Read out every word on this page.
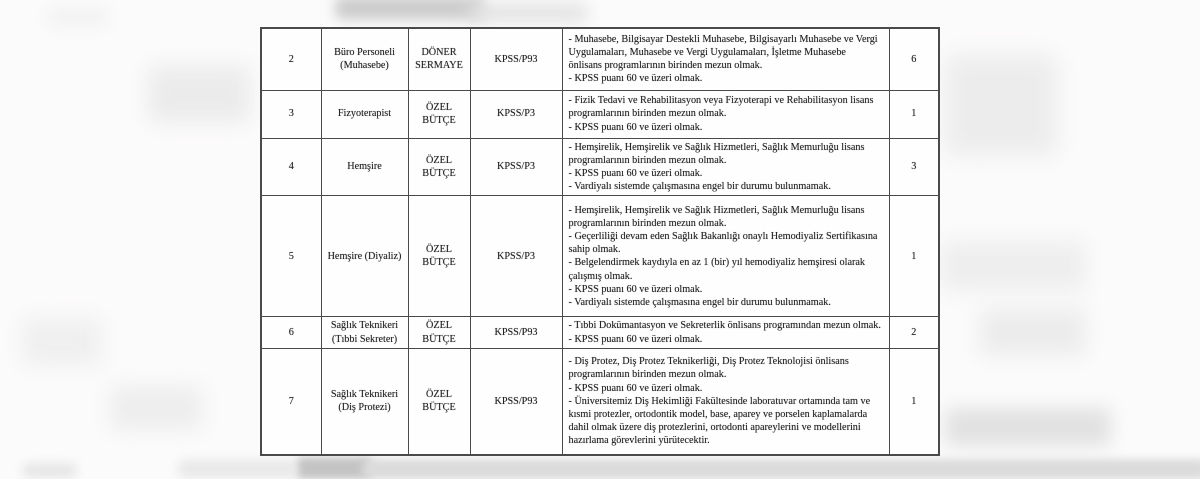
2	Büro Personeli (Muhasebe)	DÖNER SERMAYE	KPSS/P93	- Muhasebe, Bilgisayar Destekli Muhasebe, Bilgisayarlı Muhasebe ve Vergi Uygulamaları, Muhasebe ve Vergi Uygulamaları, İşletme Muhasebe önlisans programlarının birinden mezun olmak.
- KPSS puanı 60 ve üzeri olmak.	6
3	Fizyoterapist	ÖZEL BÜTÇE	KPSS/P3	- Fizik Tedavi ve Rehabilitasyon veya Fizyoterapi ve Rehabilitasyon lisans programlarının birinden mezun olmak.
- KPSS puanı 60 ve üzeri olmak.	1
4	Hemşire	ÖZEL BÜTÇE	KPSS/P3	- Hemşirelik, Hemşirelik ve Sağlık Hizmetleri, Sağlık Memurluğu lisans programlarının birinden mezun olmak.
- KPSS puanı 60 ve üzeri olmak.
- Vardiyalı sistemde çalışmasına engel bir durumu bulunmamak.	3
5	Hemşire (Diyaliz)	ÖZEL BÜTÇE	KPSS/P3	- Hemşirelik, Hemşirelik ve Sağlık Hizmetleri, Sağlık Memurluğu lisans programlarının birinden mezun olmak.
- Geçerliliği devam eden Sağlık Bakanlığı onaylı Hemodiyaliz Sertifikasına sahip olmak.
- Belgelendirmek kaydıyla en az 1 (bir) yıl hemodiyaliz hemşiresi olarak çalışmış olmak.
- KPSS puanı 60 ve üzeri olmak.
- Vardiyalı sistemde çalışmasına engel bir durumu bulunmamak.	1
6	Sağlık Teknikeri (Tıbbi Sekreter)	ÖZEL BÜTÇE	KPSS/P93	- Tıbbi Dokümantasyon ve Sekreterlik önlisans programından mezun olmak.
- KPSS puanı 60 ve üzeri olmak.	2
7	Sağlık Teknikeri (Diş Protezi)	ÖZEL BÜTÇE	KPSS/P93	- Diş Protez, Diş Protez Teknikerliği, Diş Protez Teknolojisi önlisans programlarının birinden mezun olmak.
- KPSS puanı 60 ve üzeri olmak.
- Üniversitemiz Diş Hekimliği Fakültesinde laboratuvar ortamında tam ve kısmi protezler, ortodontik model, base, aparey ve porselen kaplamalarda dahil olmak üzere diş protezlerini, ortodonti apareylerini ve modellerini hazırlama görevlerini yürütecektir.	1
